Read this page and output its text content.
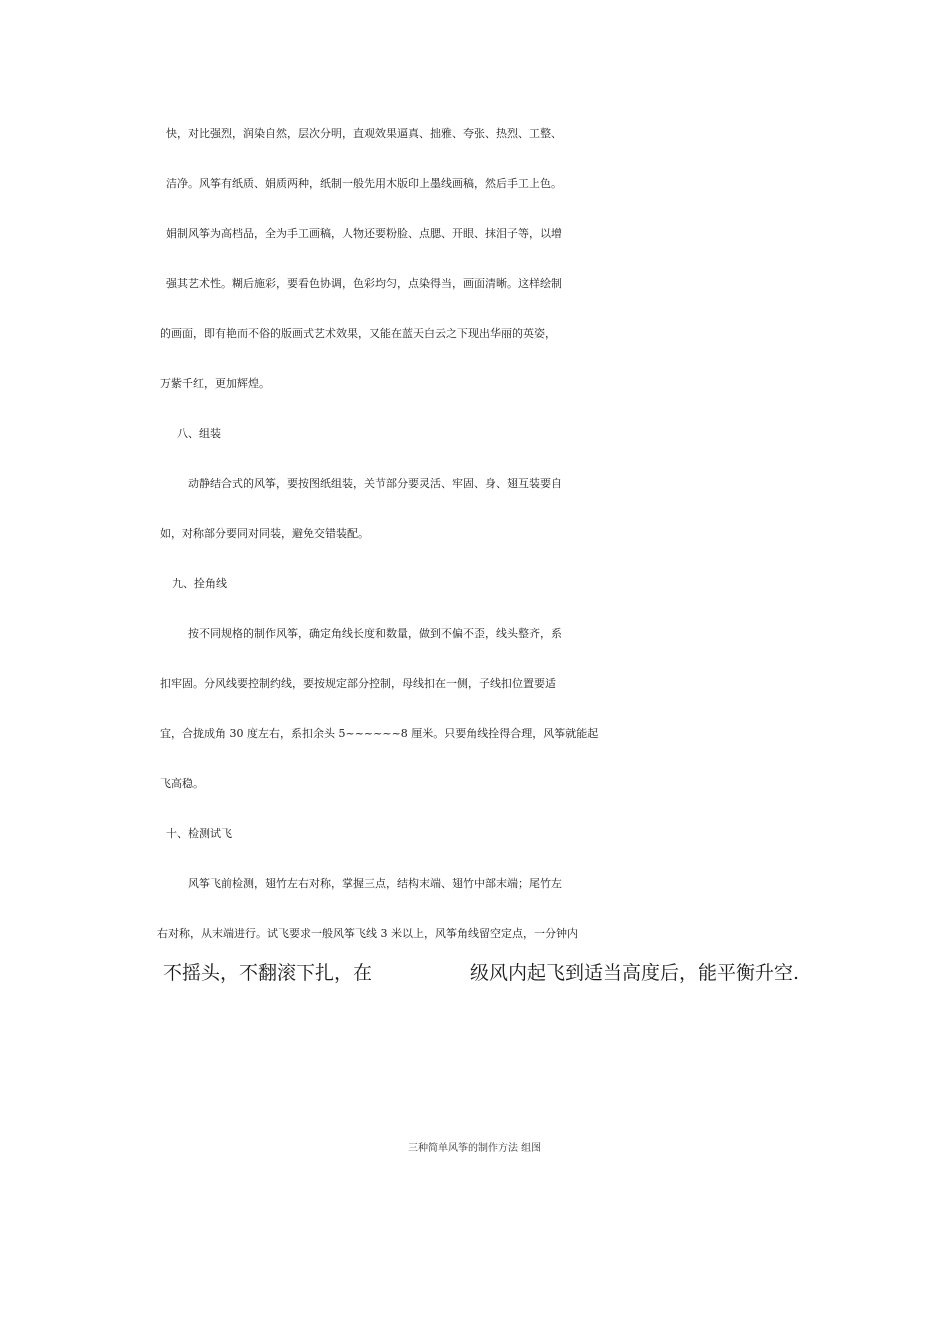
快，对比强烈，润染自然，层次分明，直观效果逼真、拙雅、夸张、热烈、工整、
洁净。风筝有纸质、娟质两种，纸制一般先用木版印上墨线画稿，然后手工上色。
娟制风筝为高档品，全为手工画稿，人物还要粉脸、点腮、开眼、抹泪子等，以增
强其艺术性。糊后施彩，要看色协调，色彩均匀，点染得当，画面清晰。这样绘制
的画面，即有艳而不俗的版画式艺术效果，又能在蓝天白云之下现出华丽的英姿，
万紫千红，更加辉煌。
八、组装
动静结合式的风筝，要按图纸组装，关节部分要灵活、牢固、身、翅互装要自
如，对称部分要同对同装，避免交错装配。
九、拴角线
按不同规格的制作风筝，确定角线长度和数量，做到不偏不歪，线头整齐，系
扣牢固。分风线要控制约线，要按规定部分控制，母线扣在一侧，子线扣位置要适
宜，合拢成角 30 度左右，系扣余头 5~~~~~~8 厘米。只要角线拴得合理，风筝就能起
飞高稳。
十、检测试飞
风筝飞前检测，翅竹左右对称，掌握三点，结构末端、翅竹中部末端；尾竹左
右对称，从末端进行。试飞要求一般风筝飞线 3 米以上，风筝角线留空定点，一分钟内
不摇头，不翻滚下扎，在	级风内起飞到适当高度后，能平衡升空.
三种简单风筝的制作方法 组图
